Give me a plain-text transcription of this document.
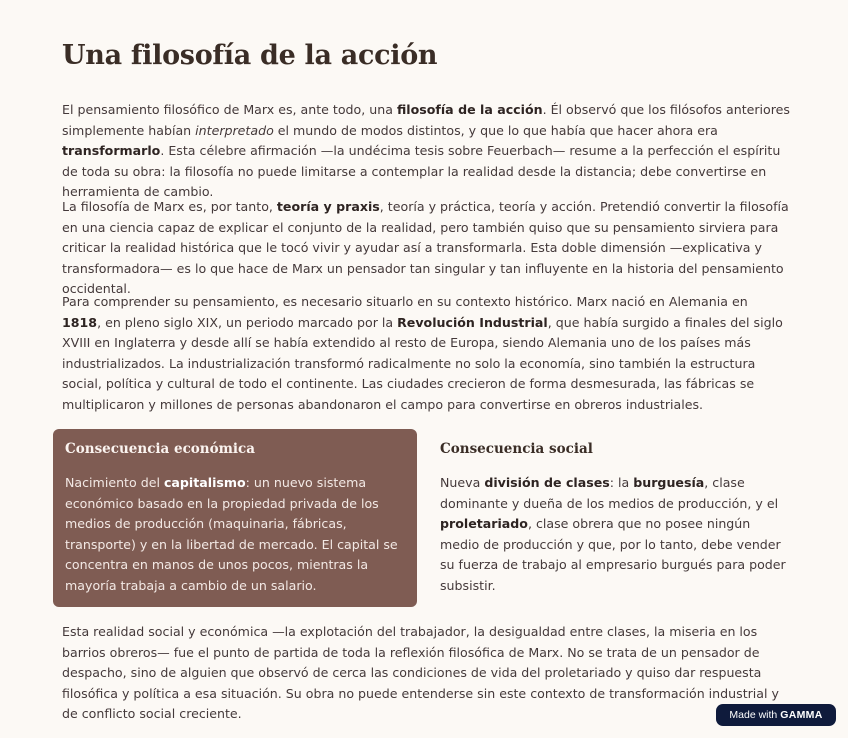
Una filosofía de la acción

El pensamiento filosófico de Marx es, ante todo, una filosofía de la acción. Él observó que los filósofos anteriores simplemente habían interpretado el mundo de modos distintos, y que lo que había que hacer ahora era transformarlo. Esta célebre afirmación —la undécima tesis sobre Feuerbach— resume a la perfección el espíritu de toda su obra: la filosofía no puede limitarse a contemplar la realidad desde la distancia; debe convertirse en herramienta de cambio.

La filosofía de Marx es, por tanto, teoría y praxis, teoría y práctica, teoría y acción. Pretendió convertir la filosofía en una ciencia capaz de explicar el conjunto de la realidad, pero también quiso que su pensamiento sirviera para criticar la realidad histórica que le tocó vivir y ayudar así a transformarla. Esta doble dimensión —explicativa y transformadora— es lo que hace de Marx un pensador tan singular y tan influyente en la historia del pensamiento occidental.

Para comprender su pensamiento, es necesario situarlo en su contexto histórico. Marx nació en Alemania en 1818, en pleno siglo XIX, un periodo marcado por la Revolución Industrial, que había surgido a finales del siglo XVIII en Inglaterra y desde allí se había extendido al resto de Europa, siendo Alemania uno de los países más industrializados. La industrialización transformó radicalmente no solo la economía, sino también la estructura social, política y cultural de todo el continente. Las ciudades crecieron de forma desmesurada, las fábricas se multiplicaron y millones de personas abandonaron el campo para convertirse en obreros industriales.

Esta realidad social y económica —la explotación del trabajador, la desigualdad entre clases, la miseria en los barrios obreros— fue el punto de partida de toda la reflexión filosófica de Marx. No se trata de un pensador de despacho, sino de alguien que observó de cerca las condiciones de vida del proletariado y quiso dar respuesta filosófica y política a esa situación. Su obra no puede entenderse sin este contexto de transformación industrial y de conflicto social creciente.

Consecuencia económica

Nacimiento del capitalismo: un nuevo sistema económico basado en la propiedad privada de los medios de producción (maquinaria, fábricas, transporte) y en la libertad de mercado. El capital se concentra en manos de unos pocos, mientras la mayoría trabaja a cambio de un salario.

Consecuencia social

Nueva división de clases: la burguesía, clase dominante y dueña de los medios de producción, y el proletariado, clase obrera que no posee ningún medio de producción y que, por lo tanto, debe vender su fuerza de trabajo al empresario burgués para poder subsistir.

Made with GAMMA
